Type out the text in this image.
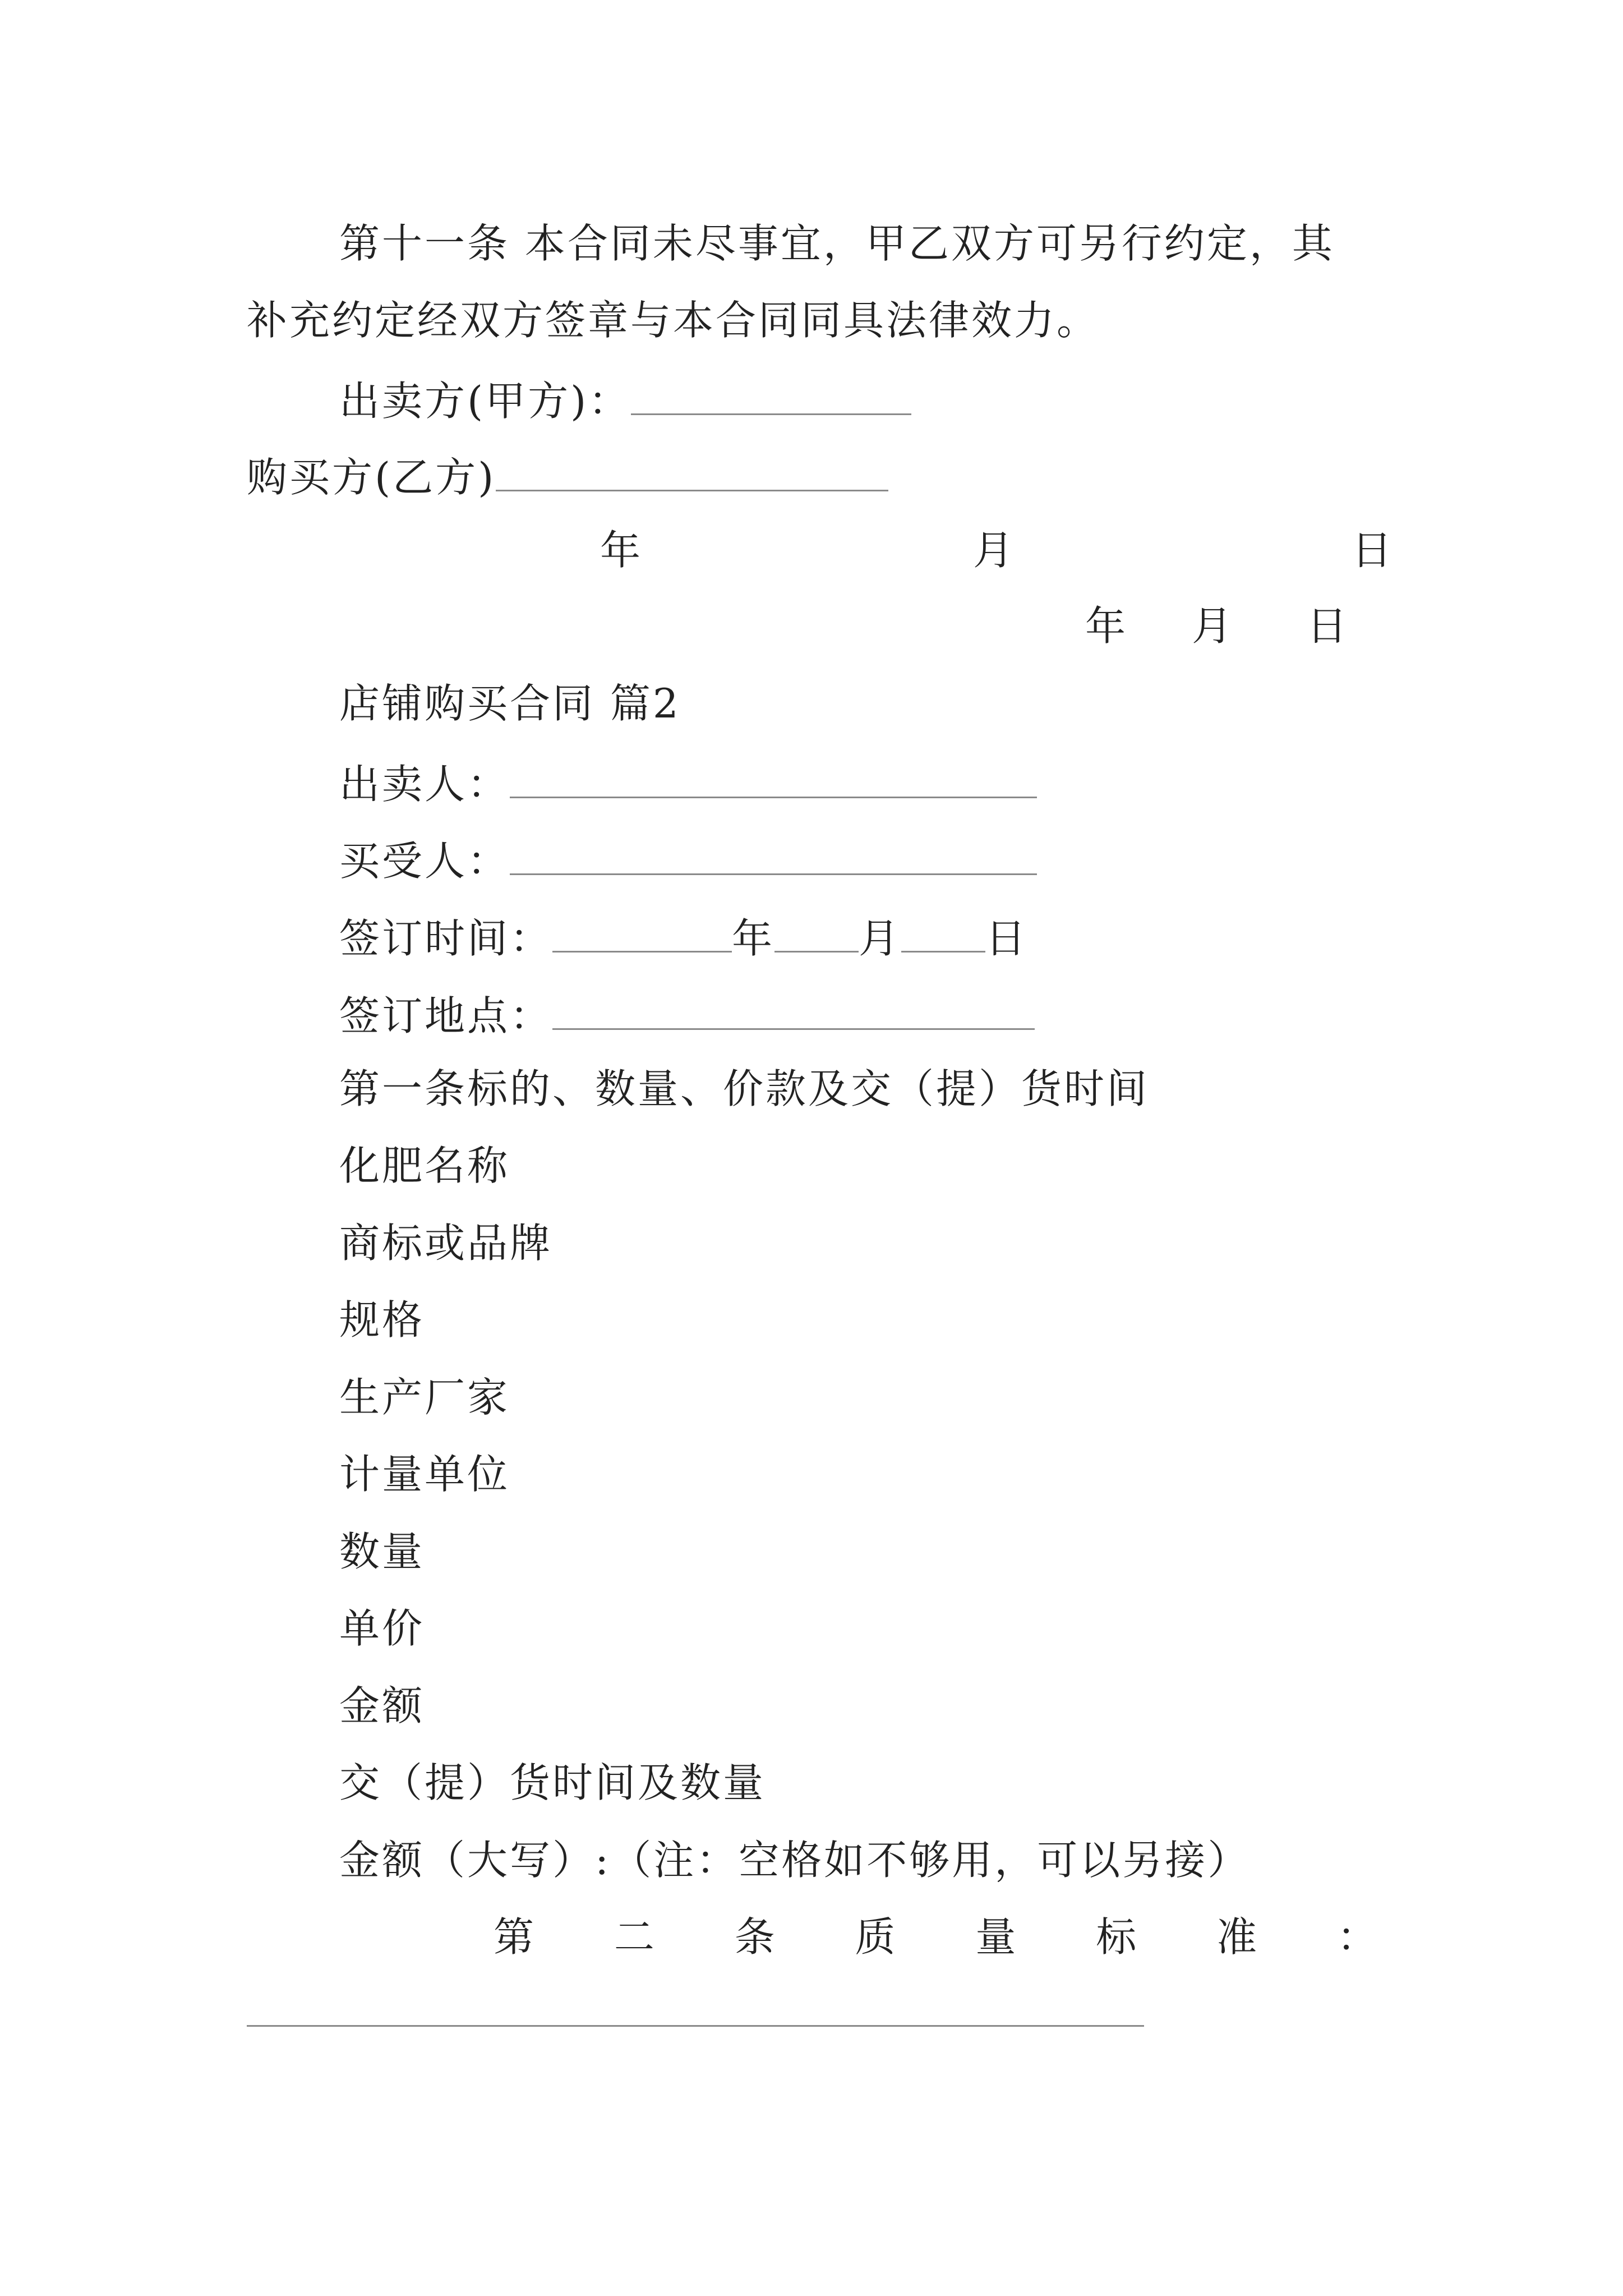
第十一条 本合同未尽事宜，甲乙双方可另行约定，其
补充约定经双方签章与本合同同具法律效力。
出卖方(甲方)：
购买方(乙方)
年	月	日
年 月 日
店铺购买合同 篇2
出卖人：
买受人：
签订时间：	年 月 日
签订地点：
第一条标的、数量、价款及交（提）货时间
化肥名称
商标或品牌
规格
生产厂家
计量单位
数量
单价
金额
交（提）货时间及数量
金额（大写）:（注：空格如不够用，可以另接）
第 二 条 质 量 标 准 ：
